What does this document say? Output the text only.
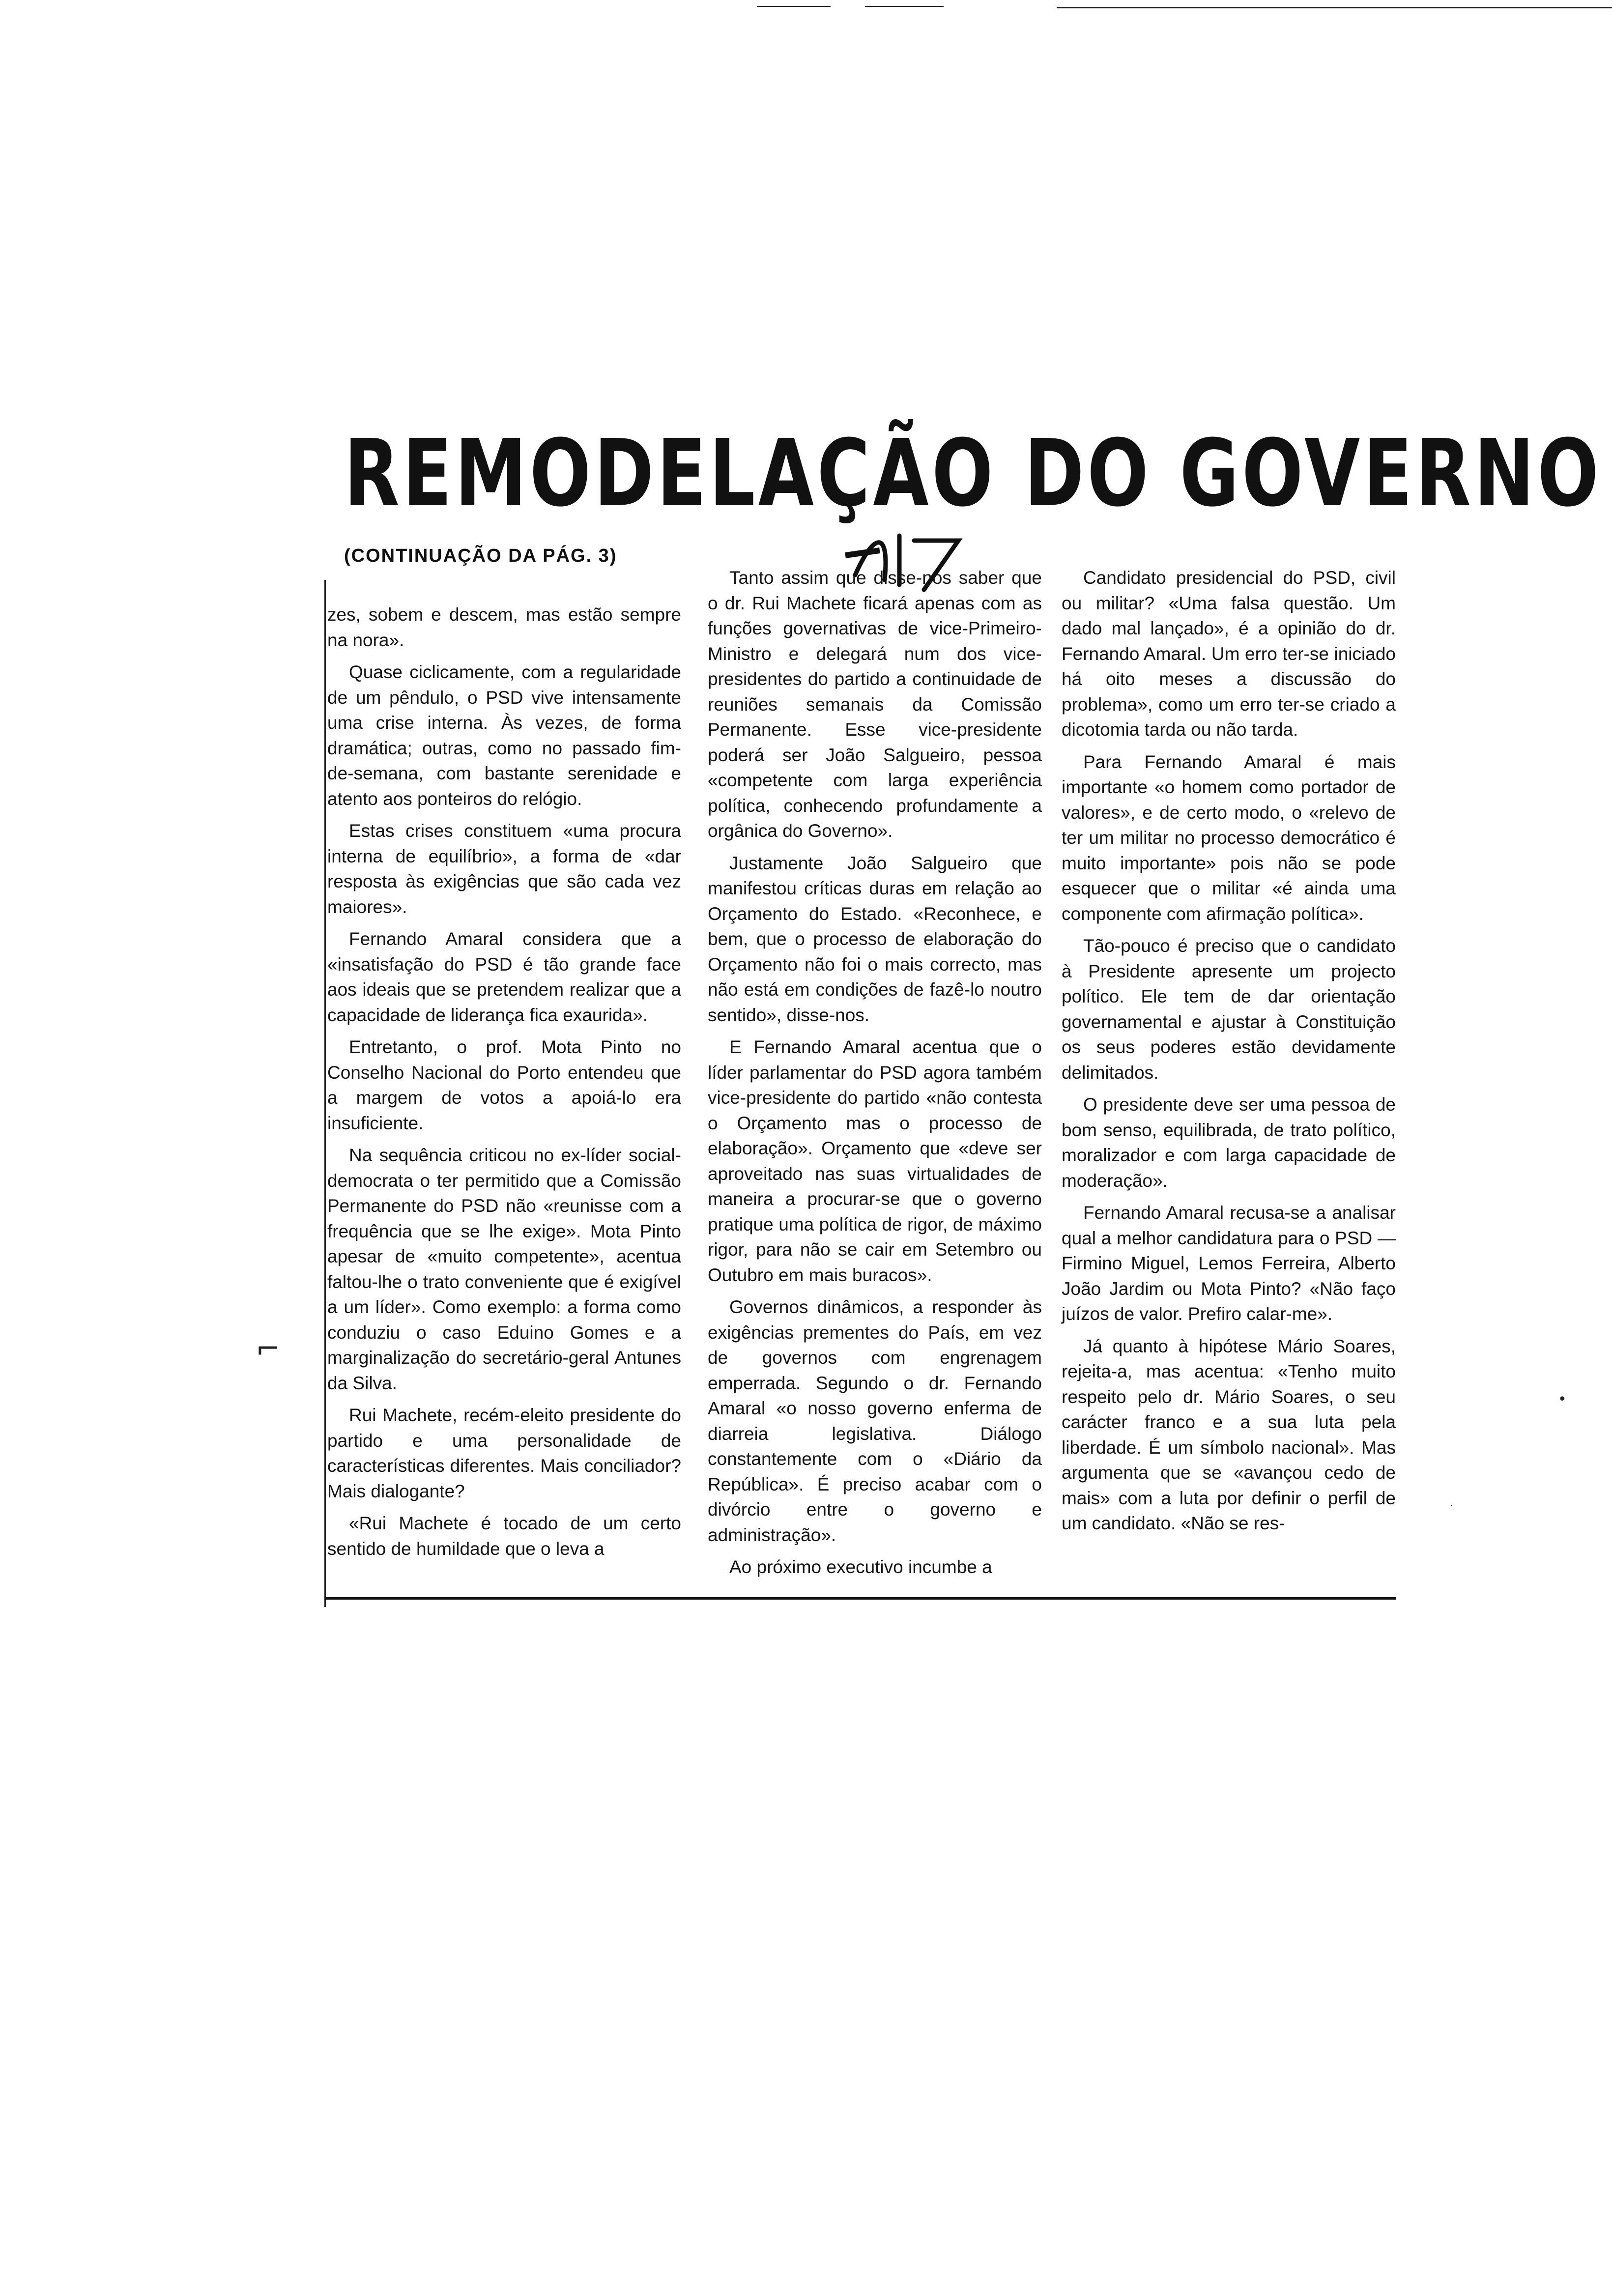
⌐
•
·
REMODELAÇÃO DO GOVERNO
(CONTINUAÇÃO DA PÁG. 3)

zes, sobem e descem, mas estão sempre na nora».

Quase ciclicamente, com a regularidade de um pêndulo, o PSD vive intensamente uma crise interna. Às vezes, de forma dramática; outras, como no passado fim-de-semana, com bastante serenidade e atento aos ponteiros do relógio.

Estas crises constituem «uma procura interna de equilíbrio», a forma de «dar resposta às exigências que são cada vez maiores».

Fernando Amaral considera que a «insatisfação do PSD é tão grande face aos ideais que se pretendem realizar que a capacidade de liderança fica exaurida».

Entretanto, o prof. Mota Pinto no Conselho Nacional do Porto entendeu que a margem de votos a apoiá-lo era insuficiente.

Na sequência criticou no ex-líder social-democrata o ter permitido que a Comissão Permanente do PSD não «reunisse com a frequência que se lhe exige». Mota Pinto apesar de «muito competente», acentua faltou-lhe o trato conveniente que é exigível a um líder». Como exemplo: a forma como conduziu o caso Eduino Gomes e a marginalização do secretário-geral Antunes da Silva.

Rui Machete, recém-eleito presidente do partido e uma personalidade de características diferentes. Mais conciliador? Mais dialogante?

«Rui Machete é tocado de um certo sentido de humildade que o leva a

Tanto assim que disse-nos saber que o dr. Rui Machete ficará apenas com as funções governativas de vice-Primeiro-Ministro e delegará num dos vice-presidentes do partido a continuidade de reuniões semanais da Comissão Permanente. Esse vice-presidente poderá ser João Salgueiro, pessoa «competente com larga experiência política, conhecendo profundamente a orgânica do Governo».

Justamente João Salgueiro que manifestou críticas duras em relação ao Orçamento do Estado. «Reconhece, e bem, que o processo de elaboração do Orçamento não foi o mais correcto, mas não está em condições de fazê-lo noutro sentido», disse-nos.

E Fernando Amaral acentua que o líder parlamentar do PSD agora também vice-presidente do partido «não contesta o Orçamento mas o processo de elaboração». Orçamento que «deve ser aproveitado nas suas virtualidades de maneira a procurar-se que o governo pratique uma política de rigor, de máximo rigor, para não se cair em Setembro ou Outubro em mais buracos».

Governos dinâmicos, a responder às exigências prementes do País, em vez de governos com engrenagem emperrada. Segundo o dr. Fernando Amaral «o nosso governo enferma de diarreia legislativa. Diálogo constantemente com o «Diário da República». É preciso acabar com o divórcio entre o governo e administração».

Ao próximo executivo incumbe a

Candidato presidencial do PSD, civil ou militar? «Uma falsa questão. Um dado mal lançado», é a opinião do dr. Fernando Amaral. Um erro ter-se iniciado há oito meses a discussão do problema», como um erro ter-se criado a dicotomia tarda ou não tarda.

Para Fernando Amaral é mais importante «o homem como portador de valores», e de certo modo, o «relevo de ter um militar no processo democrático é muito importante» pois não se pode esquecer que o militar «é ainda uma componente com afirmação política».

Tão-pouco é preciso que o candidato à Presidente apresente um projecto político. Ele tem de dar orientação governamental e ajustar à Constituição os seus poderes estão devidamente delimitados.

O presidente deve ser uma pessoa de bom senso, equilibrada, de trato político, moralizador e com larga capacidade de moderação».

Fernando Amaral recusa-se a analisar qual a melhor candidatura para o PSD — Firmino Miguel, Lemos Ferreira, Alberto João Jardim ou Mota Pinto? «Não faço juízos de valor. Prefiro calar-me».

Já quanto à hipótese Mário Soares, rejeita-a, mas acentua: «Tenho muito respeito pelo dr. Mário Soares, o seu carácter franco e a sua luta pela liberdade. É um símbolo nacional». Mas argumenta que se «avançou cedo de mais» com a luta por definir o perfil de um candidato. «Não se res-
